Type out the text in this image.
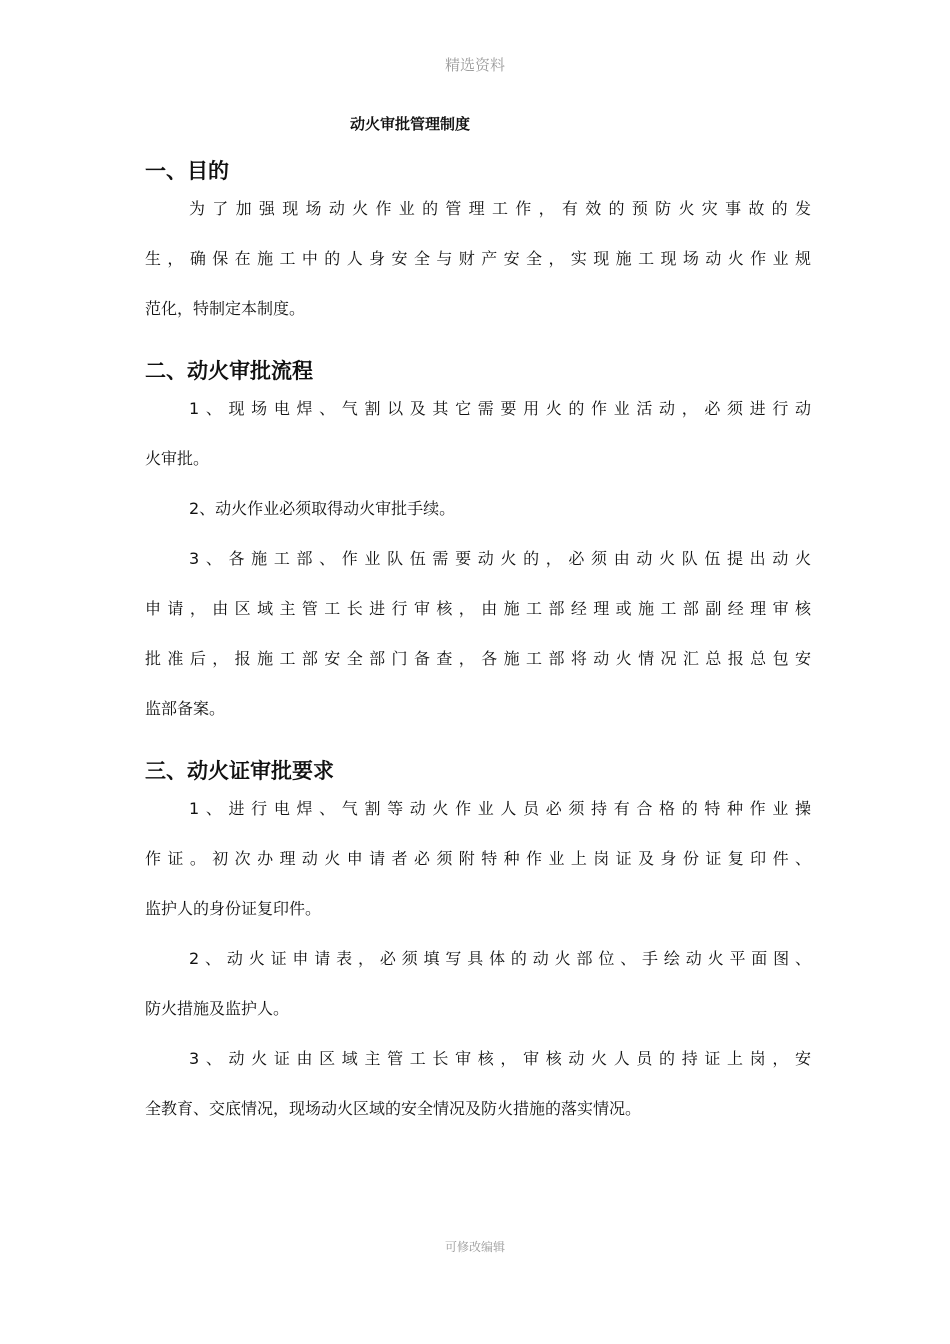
精选资料
动火审批管理制度
一、目的
为了加强现场动火作业的管理工作，有效的预防火灾事故的发
生，确保在施工中的人身安全与财产安全，实现施工现场动火作业规
范化，特制定本制度。
二、动火审批流程
1、现场电焊、气割以及其它需要用火的作业活动，必须进行动
火审批。
2、动火作业必须取得动火审批手续。
3、各施工部、作业队伍需要动火的，必须由动火队伍提出动火
申请，由区域主管工长进行审核，由施工部经理或施工部副经理审核
批准后，报施工部安全部门备查，各施工部将动火情况汇总报总包安
监部备案。
三、动火证审批要求
1、进行电焊、气割等动火作业人员必须持有合格的特种作业操
作证。初次办理动火申请者必须附特种作业上岗证及身份证复印件、
监护人的身份证复印件。
2、动火证申请表，必须填写具体的动火部位、手绘动火平面图、
防火措施及监护人。
3、动火证由区域主管工长审核，审核动火人员的持证上岗，安
全教育、交底情况，现场动火区域的安全情况及防火措施的落实情况。
可修改编辑
